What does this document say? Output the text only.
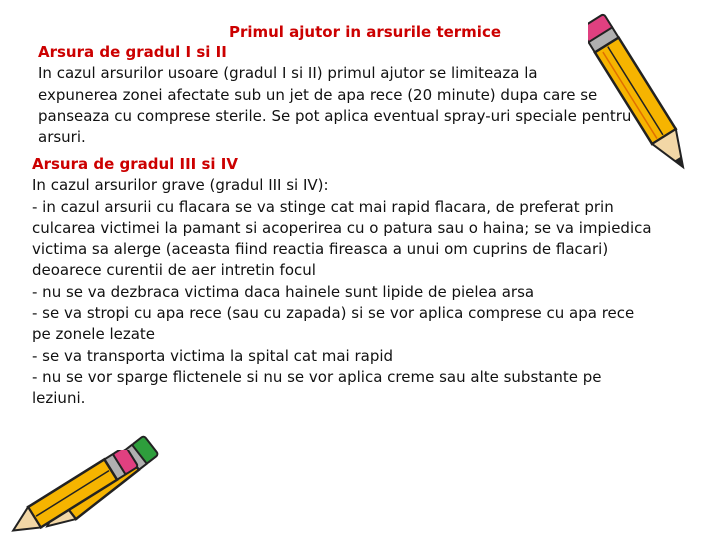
Primul ajutor in arsurile termice
Arsura de gradul I si II
In cazul arsurilor usoare (gradul I si II) primul ajutor se limiteaza la
expunerea zonei afectate sub un jet de apa rece (20 minute) dupa care se
panseaza cu comprese sterile. Se pot aplica eventual spray-uri speciale pentru
arsuri.
Arsura de gradul III si IV
In cazul arsurilor grave (gradul III si IV):
- in cazul arsurii cu flacara se va stinge cat mai rapid flacara, de preferat prin
culcarea victimei la pamant si acoperirea cu o patura sau o haina; se va impiedica
victima sa alerge (aceasta fiind reactia fireasca a unui om cuprins de flacari)
deoarece curentii de aer intretin focul
- nu se va dezbraca victima daca hainele sunt lipide de pielea arsa
- se va stropi cu apa rece (sau cu zapada) si se vor aplica comprese cu apa rece
pe zonele lezate
- se va transporta victima la spital cat mai rapid
- nu se vor sparge flictenele si nu se vor aplica creme sau alte substante pe
leziuni.
